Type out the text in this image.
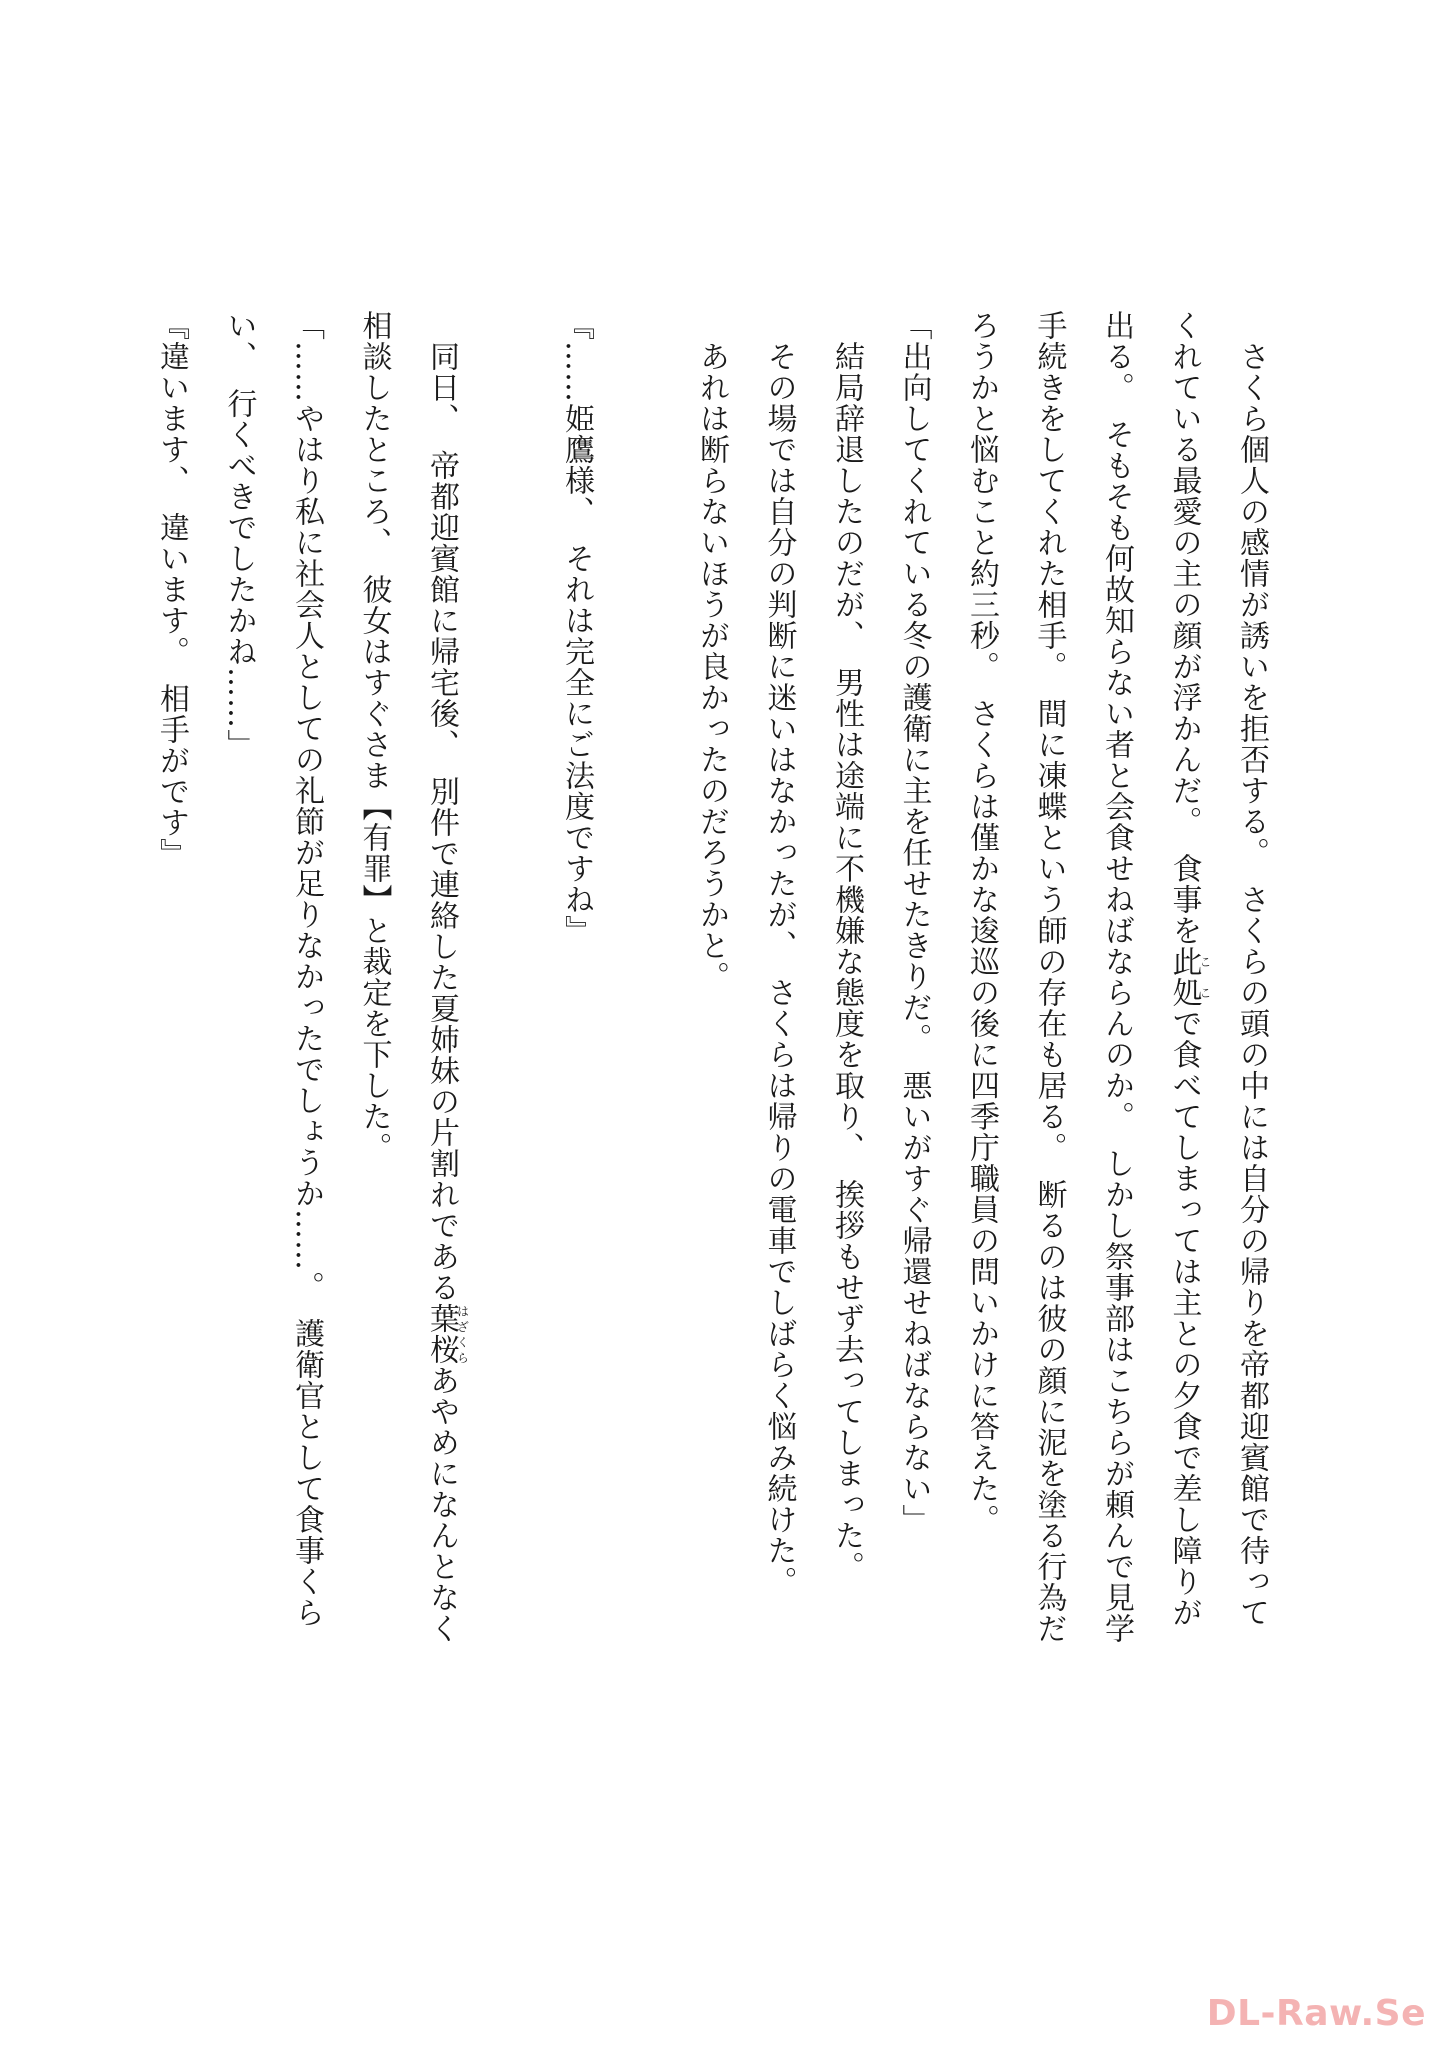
　さくら個人の感情が誘いを拒否する。　さくらの頭の中には自分の帰りを帝都迎賓館で待って
くれている最愛の主の顔が浮かんだ。　食事を此処ここで食べてしまっては主との夕食で差し障りが
出る。　そもそも何故知らない者と会食せねばならんのか。　しかし祭事部はこちらが頼んで見学
手続きをしてくれた相手。　間に凍蝶という師の存在も居る。　断るのは彼の顔に泥を塗る行為だ
ろうかと悩むこと約三秒。　さくらは僅かな逡巡の後に四季庁職員の問いかけに答えた。
「出向してくれている冬の護衛に主を任せたきりだ。　悪いがすぐ帰還せねばならない」
　結局辞退したのだが、　男性は途端に不機嫌な態度を取り、　挨拶もせず去ってしまった。
　その場では自分の判断に迷いはなかったが、　さくらは帰りの電車でしばらく悩み続けた。
　あれは断らないほうが良かったのだろうかと。

『……姫鷹様、　それは完全にご法度ですね』

　同日、　帝都迎賓館に帰宅後、　別件で連絡した夏姉妹の片割れである葉桜はざくらあやめになんとなく
相談したところ、　彼女はすぐさま【有罪】と裁定を下した。
「……やはり私に社会人としての礼節が足りなかったでしょうか……。　護衛官として食事くら
い、　行くべきでしたかね……」
『違います、　違います。　相手がです』
DL-Raw.Se
